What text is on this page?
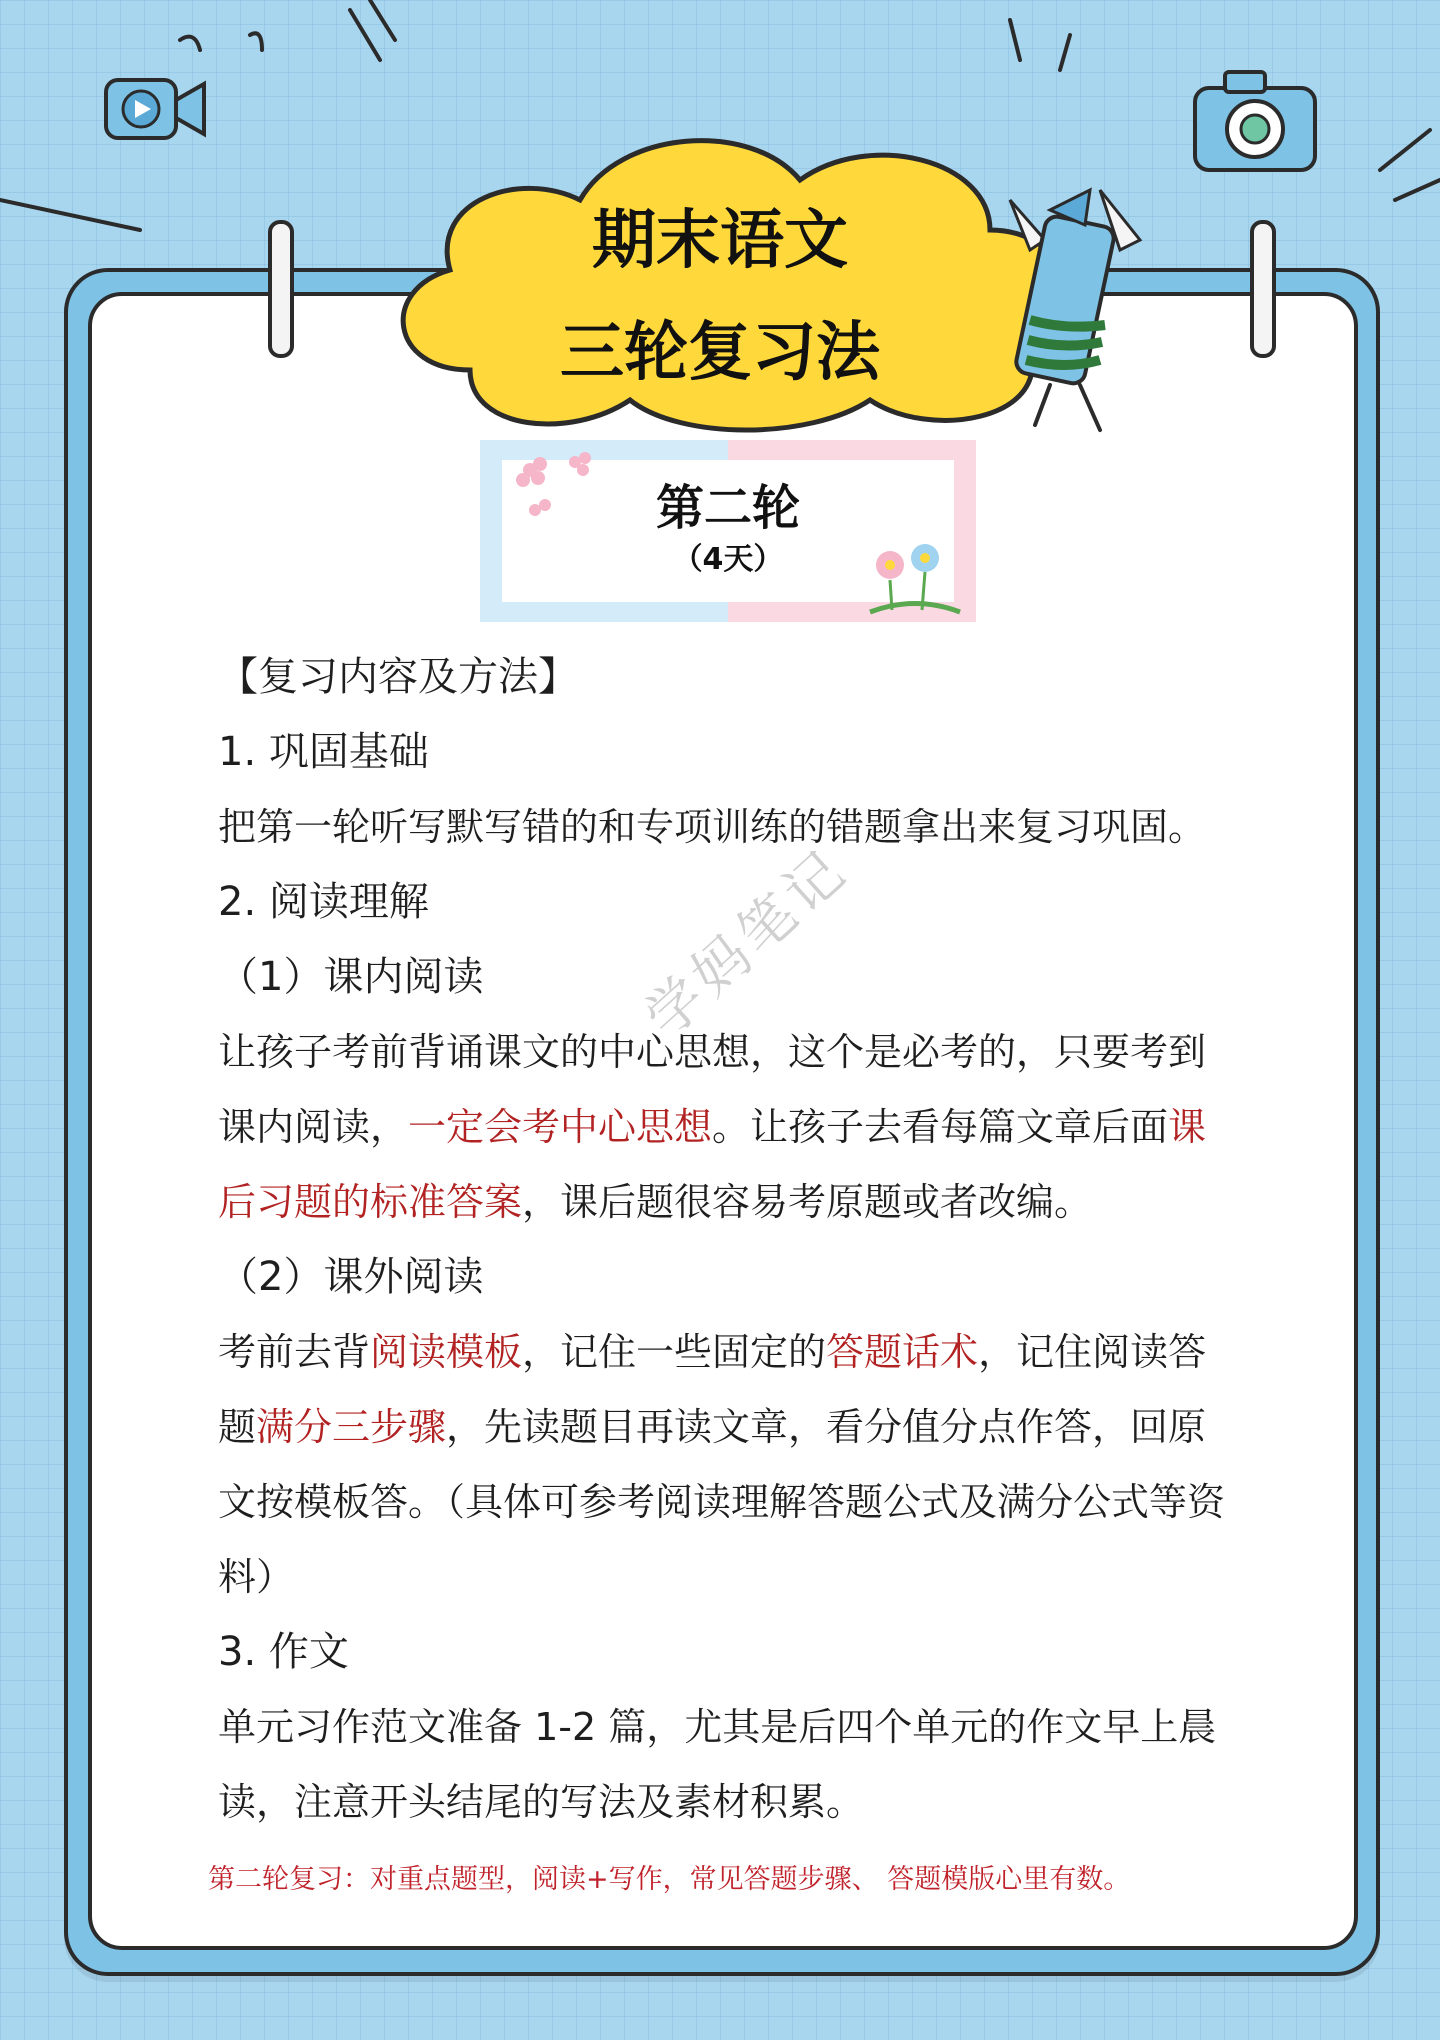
期末语文
三轮复习法
第二轮
（4天）

【复习内容及方法】

1. 巩固基础

把第一轮听写默写错的和专项训练的错题拿出来复习巩固。

2. 阅读理解

（1）课内阅读

让孩子考前背诵课文的中心思想，这个是必考的，只要考到课内阅读，一定会考中心思想。让孩子去看每篇文章后面课后习题的标准答案，课后题很容易考原题或者改编。

（2）课外阅读

考前去背阅读模板，记住一些固定的答题话术，记住阅读答题满分三步骤，先读题目再读文章，看分值分点作答，回原文按模板答。（具体可参考阅读理解答题公式及满分公式等资料）

3. 作文

单元习作范文准备 1-2 篇，尤其是后四个单元的作文早上晨读，注意开头结尾的写法及素材积累。

学妈笔记
第二轮复习：对重点题型，阅读+写作，常见答题步骤、 答题模版心里有数。
